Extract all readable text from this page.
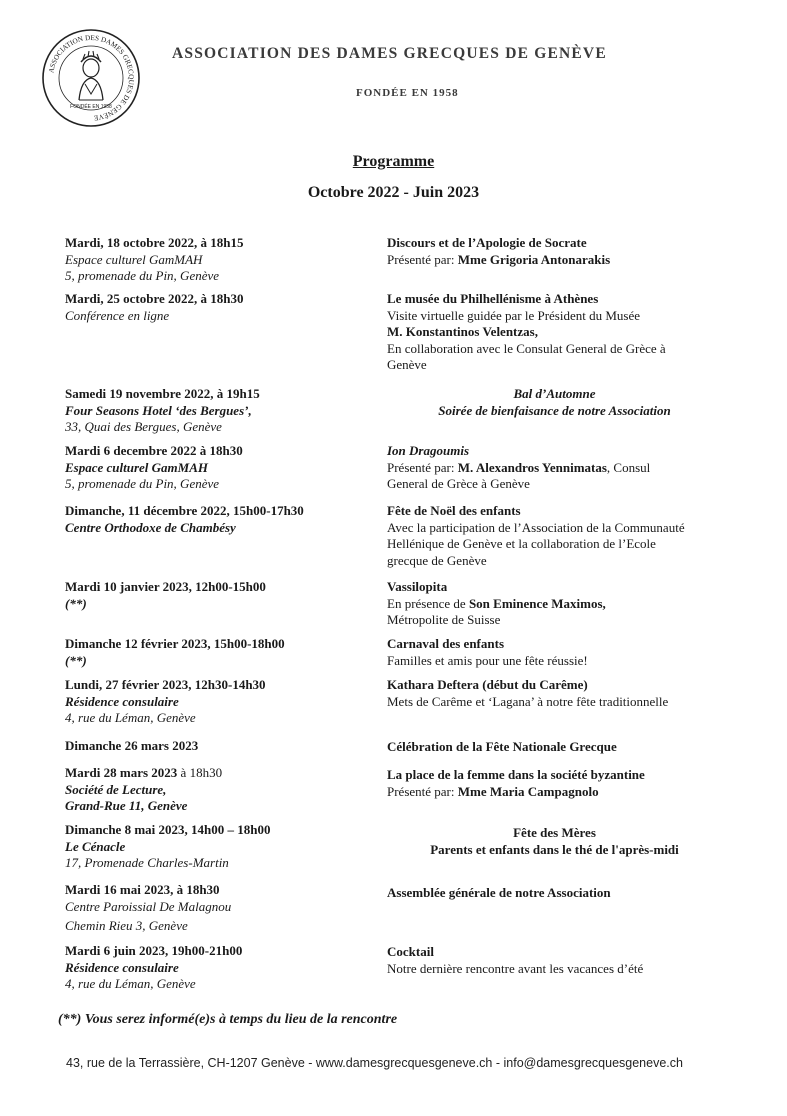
ASSOCIATION DES DAMES GRECQUES DE GENÈVE
FONDÉE EN 1958
ASSOCIATION DES DAMES GRECQUES DE GENÈVE
FONDÉE EN 1958
Programme
Octobre 2022 - Juin 2023
Mardi, 18 octobre 2022, à 18h15
Espace culturel GamMAH
5, promenade du Pin, Genève
Discours et de l’Apologie de Socrate
Présenté par: Mme Grigoria Antonarakis
Mardi, 25 octobre 2022, à 18h30
Conférence en ligne
Le musée du Philhellénisme à Athènes
Visite virtuelle guidée par le Président du Musée
M. Konstantinos Velentzas,
En collaboration avec le Consulat General de Grèce à
Genève
Samedi 19 novembre 2022, à 19h15
Four Seasons Hotel ‘des Bergues’,
33, Quai des Bergues, Genève
Bal d’Automne
Soirée de bienfaisance de notre Association
Mardi 6 decembre 2022 à 18h30
Espace culturel GamMAH
5, promenade du Pin, Genève
Ion Dragoumis
Présenté par: M. Alexandros Yennimatas, Consul
General de Grèce à Genève
Dimanche, 11 décembre 2022, 15h00-17h30
Centre Orthodoxe de Chambésy
Fête de Noël des enfants
Avec la participation de l’Association de la Communauté
Hellénique de Genève et la collaboration de l’Ecole
grecque de Genève
Mardi 10 janvier 2023, 12h00-15h00
(**)
Vassilopita
En présence de Son Eminence Maximos,
Métropolite de Suisse
Dimanche 12 février 2023, 15h00-18h00
(**)
Carnaval des enfants
Familles et amis pour une fête réussie!
Lundi, 27 février 2023, 12h30-14h30
Résidence consulaire
4, rue du Léman, Genève
Kathara Deftera (début du Carême)
Mets de Carême et ‘Lagana’ à notre fête traditionnelle
Dimanche 26 mars 2023	Célébration de la Fête Nationale Grecque
Mardi 28 mars 2023 à 18h30
Société de Lecture,
Grand-Rue 11, Genève
La place de la femme dans la société byzantine
Présenté par: Mme Maria Campagnolo
Dimanche 8 mai 2023, 14h00 – 18h00
Le Cénacle
17, Promenade Charles-Martin
Fête des Mères
Parents et enfants dans le thé de l'après-midi
Mardi 16 mai 2023, à 18h30
Centre Paroissial De Malagnou
Chemin Rieu 3, Genève
Assemblée générale de notre Association
Mardi 6 juin 2023, 19h00-21h00
Résidence consulaire
4, rue du Léman, Genève
Cocktail
Notre dernière rencontre avant les vacances d’été
(**) Vous serez informé(e)s à temps du lieu de la rencontre
43, rue de la Terrassière, CH-1207 Genève - www.damesgrecquesgeneve.ch - info@damesgrecquesgeneve.ch
